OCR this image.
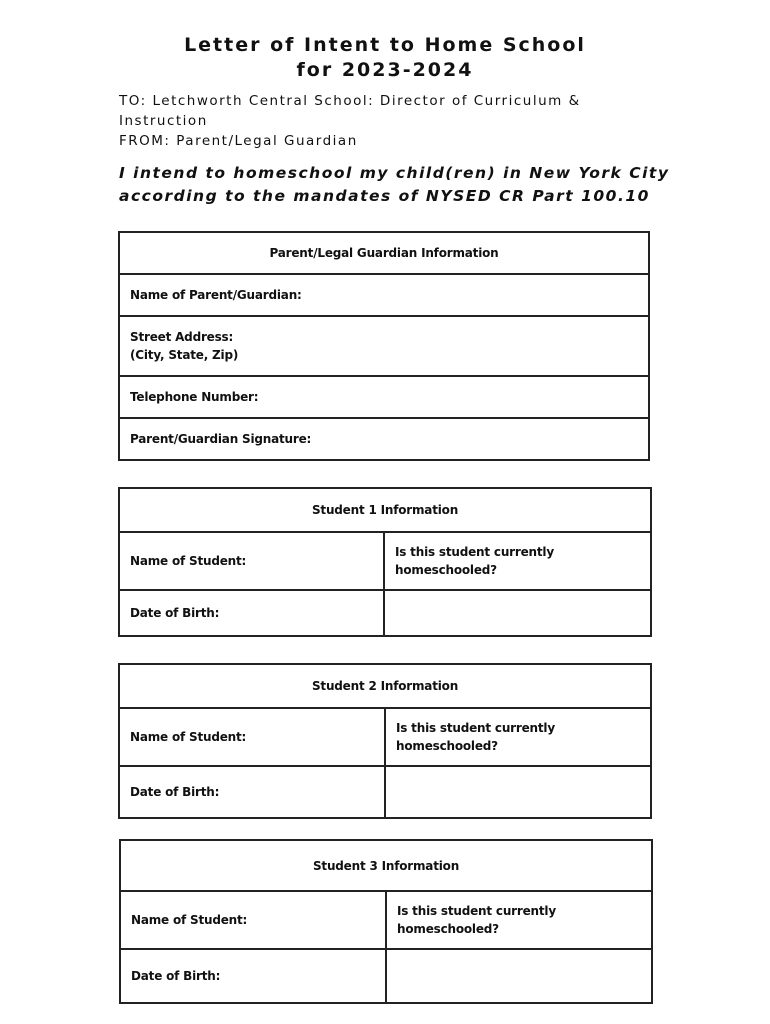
Letter of Intent to Home School
for 2023-2024
TO: Letchworth Central School: Director of Curriculum &
Instruction
FROM: Parent/Legal Guardian
I intend to homeschool my child(ren) in New York City
according to the mandates of NYSED CR Part 100.10
Parent/Legal Guardian Information
Name of Parent/Guardian:

Street Address:
(City, State, Zip)

Telephone Number:
Parent/Guardian Signature:
Student 1 Information	
Name of Student:	Is this student currently
homeschooled?

Date of Birth:	
Student 2 Information	
Name of Student:	Is this student currently
homeschooled?

Date of Birth:	
Student 3 Information	
Name of Student:	Is this student currently
homeschooled?

Date of Birth:	
